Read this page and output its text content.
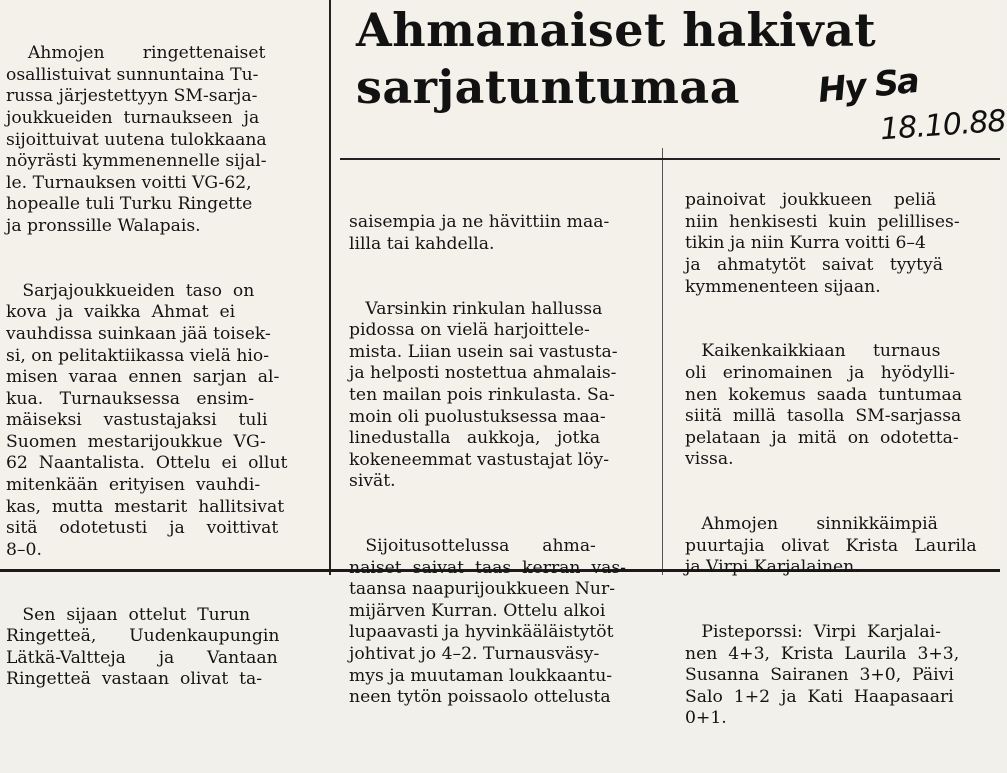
Ahmanaiset hakivat
sarjatuntumaa	Hy Sa
18.10.88

Ahmojen       ringettenaiset
osallistuivat sunnuntaina Tu-
russa järjestettyyn SM-sarja-
joukkueiden  turnaukseen  ja
sijoittuivat uutena tulokkaana
nöyrästi kymmenennelle sijal-
le. Turnauksen voitti VG-62,
hopealle tuli Turku Ringette
ja pronssille Walapais.

Sarjajoukkueiden  taso  on
kova  ja  vaikka  Ahmat  ei
vauhdissa suinkaan jää toisek-
si, on pelitaktiikassa vielä hio-
misen  varaa  ennen  sarjan  al-
kua.   Turnauksessa   ensim-
mäiseksi    vastustajaksi    tuli
Suomen  mestarijoukkue  VG-
62  Naantalista.  Ottelu  ei  ollut
mitenkään  erityisen  vauhdi-
kas,  mutta  mestarit  hallitsivat
sitä    odotetusti    ja    voittivat
8–0.

Sen  sijaan  ottelut  Turun
Ringetteä,      Uudenkaupungin
Lätkä-Valtteja      ja      Vantaan
Ringetteä  vastaan  olivat  ta-

saisempia ja ne hävittiin maa-
lilla tai kahdella.

Varsinkin rinkulan hallussa
pidossa on vielä harjoittele-
mista. Liian usein sai vastusta-
ja helposti nostettua ahmalais-
ten mailan pois rinkulasta. Sa-
moin oli puolustuksessa maa-
linedustalla   aukkoja,   jotka
kokeneemmat vastustajat löy-
sivät.

Sijoitusottelussa      ahma-
naiset  saivat  taas  kerran  vas-
taansa naapurijoukkueen Nur-
mijärven Kurran. Ottelu alkoi
lupaavasti ja hyvinkääläistytöt
johtivat jo 4–2. Turnausväsy-
mys ja muutaman loukkaantu-
neen tytön poissaolo ottelusta

painoivat   joukkueen    peliä
niin  henkisesti  kuin  pelillises-
tikin ja niin Kurra voitti 6–4
ja   ahmatytöt   saivat   tyytyä
kymmenenteen sijaan.

Kaikenkaikkiaan     turnaus
oli   erinomainen   ja   hyödylli-
nen  kokemus  saada  tuntumaa
siitä  millä  tasolla  SM-sarjassa
pelataan  ja  mitä  on  odotetta-
vissa.

Ahmojen       sinnikkäimpiä
puurtajia   olivat   Krista   Laurila
ja Virpi Karjalainen.

Pisteporssi:  Virpi  Karjalai-
nen  4+3,  Krista  Laurila  3+3,
Susanna  Sairanen  3+0,  Päivi
Salo  1+2  ja  Kati  Haapasaari
0+1.
